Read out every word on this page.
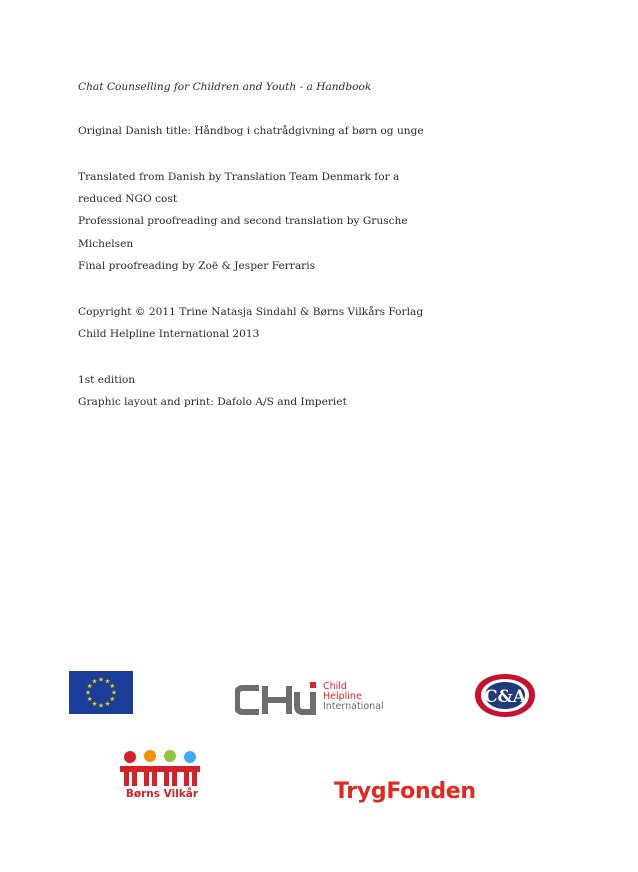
Chat Counselling for Children and Youth - a Handbook
Original Danish title: Håndbog i chatrådgivning af børn og unge
Translated from Danish by Translation Team Denmark for a
reduced NGO cost
Professional proofreading and second translation by Grusche
Michelsen
Final proofreading by Zoë & Jesper Ferraris
Copyright © 2011 Trine Natasja Sindahl & Børns Vilkårs Forlag
Child Helpline International 2013
1st edition
Graphic layout and print: Dafolo A/S and Imperiet
Child
Helpline
International	C&A
Børns Vilkår	TrygFonden
